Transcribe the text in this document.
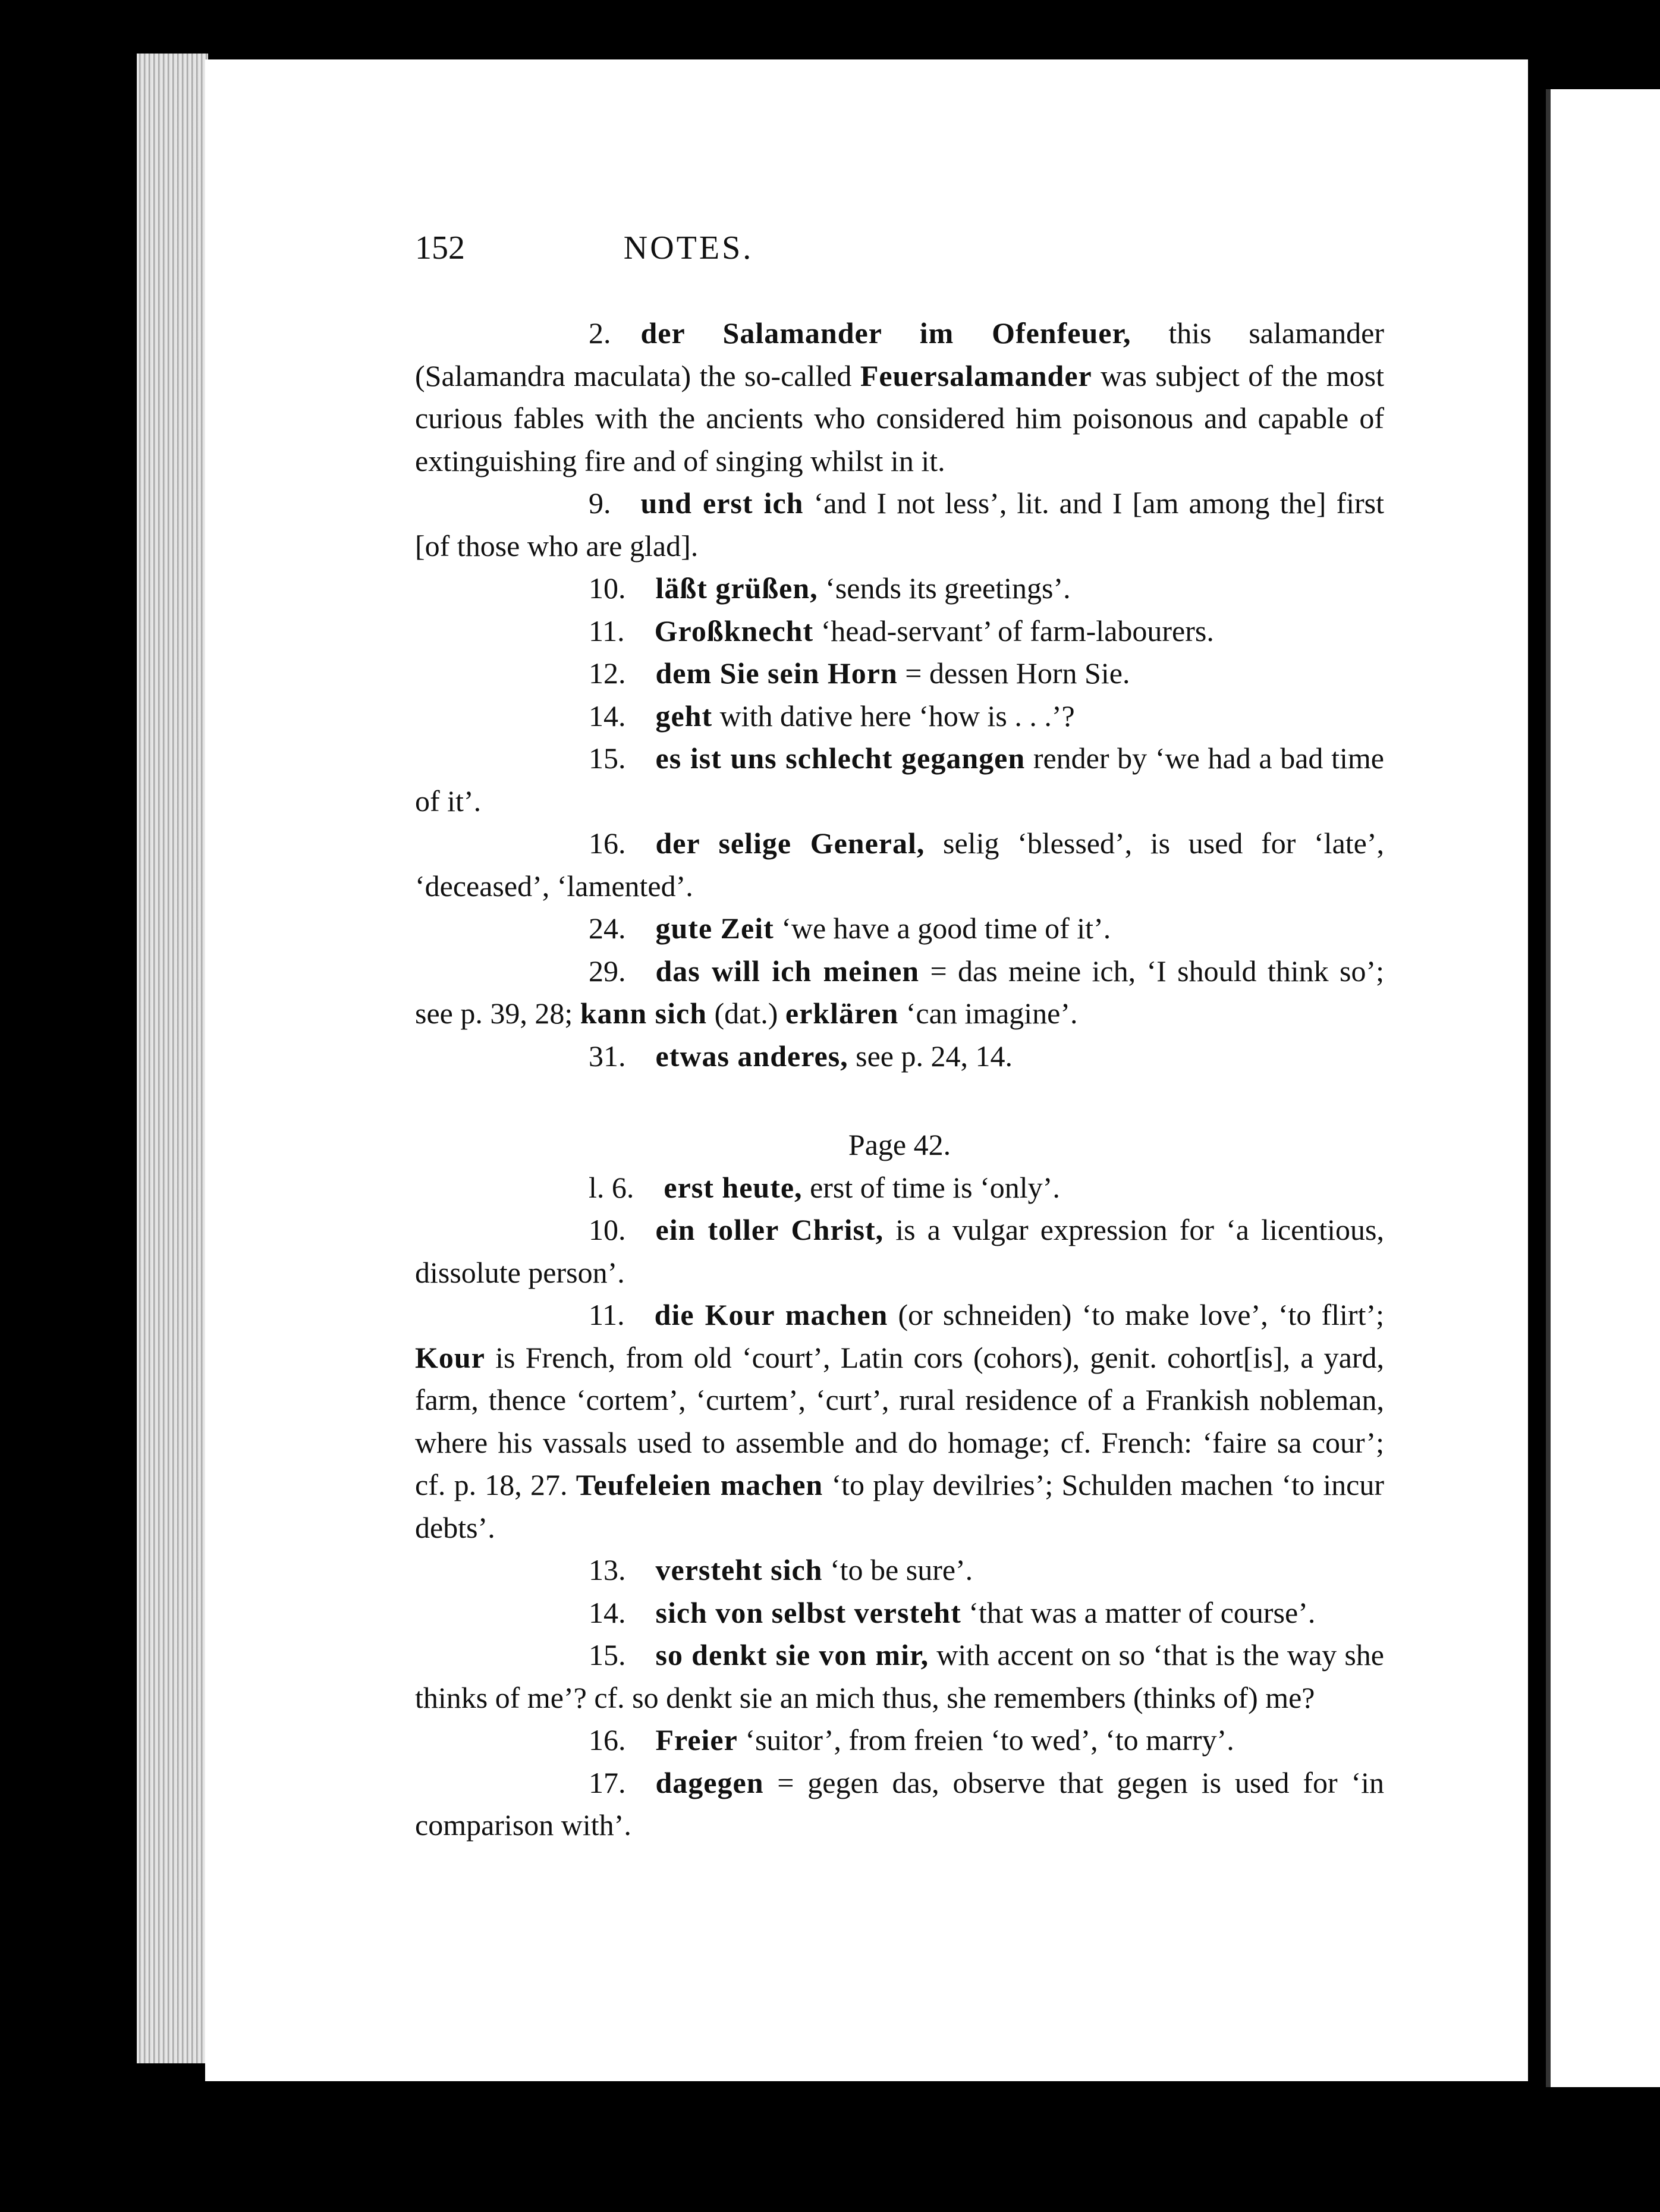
152	NOTES.

2.  der Salamander im Ofenfeuer, this salamander (Salamandra maculata) the so-called Feuersalamander was subject of the most curious fables with the ancients who considered him poisonous and capable of extinguishing fire and of singing whilst in it.

9.  und erst ich ‘and I not less’, lit. and I [am among the] first [of those who are glad].

10.  läßt grüßen, ‘sends its greetings’.

11.  Großknecht ‘head-servant’ of farm-labourers.

12.  dem Sie sein Horn = dessen Horn Sie.

14.  geht with dative here ‘how is . . .’?

15.  es ist uns schlecht gegangen render by ‘we had a bad time of it’.

16.  der selige General, selig ‘blessed’, is used for ‘late’, ‘deceased’, ‘lamented’.

24.  gute Zeit ‘we have a good time of it’.

29.  das will ich meinen = das meine ich, ‘I should think so’; see p. 39, 28; kann sich (dat.) erklären ‘can imagine’.

31.  etwas anderes, see p. 24, 14.

Page 42.

l. 6.  erst heute, erst of time is ‘only’.

10.  ein toller Christ, is a vulgar expression for ‘a licentious, dissolute person’.

11.  die Kour machen (or schneiden) ‘to make love’, ‘to flirt’; Kour is French, from old ‘court’, Latin cors (cohors), genit. cohort[is], a yard, farm, thence ‘cortem’, ‘curtem’, ‘curt’, rural residence of a Frankish nobleman, where his vassals used to assemble and do homage; cf. French: ‘faire sa cour’; cf. p. 18, 27. Teufeleien machen ‘to play devilries’; Schulden machen ‘to incur debts’.

13.  versteht sich ‘to be sure’.

14.  sich von selbst versteht ‘that was a matter of course’.

15.  so denkt sie von mir, with accent on so ‘that is the way she thinks of me’? cf. so denkt sie an mich thus, she remembers (thinks of) me?

16.  Freier ‘suitor’, from freien ‘to wed’, ‘to marry’.

17.  dagegen = gegen das, observe that gegen is used for ‘in comparison with’.
